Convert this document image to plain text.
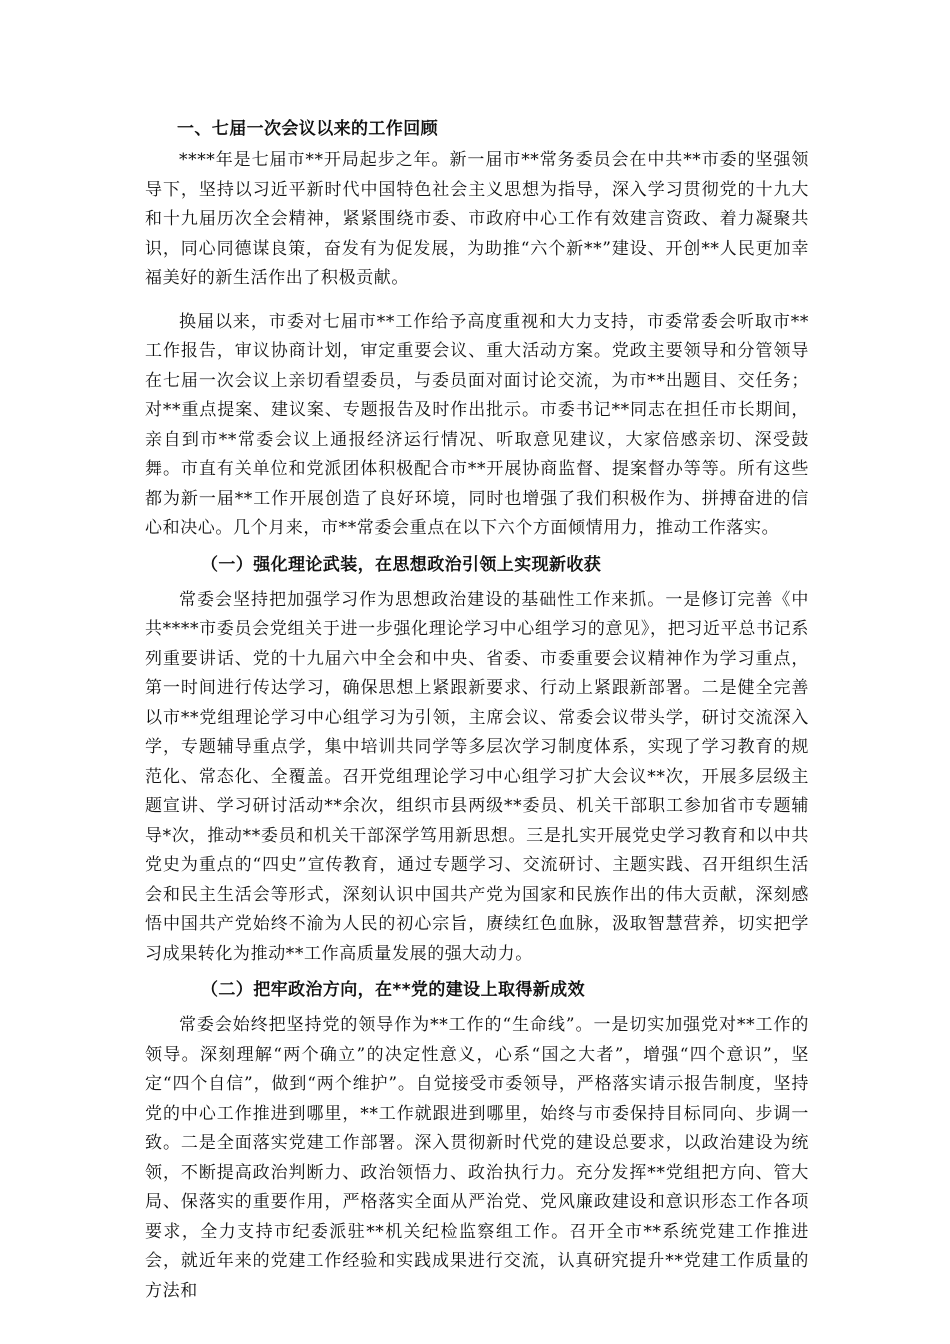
一、七届一次会议以来的工作回顾

****年是七届市**开局起步之年。新一届市**常务委员会在中共**市委的坚强领导下，坚持以习近平新时代中国特色社会主义思想为指导，深入学习贯彻党的十九大和十九届历次全会精神，紧紧围绕市委、市政府中心工作有效建言资政、着力凝聚共识，同心同德谋良策，奋发有为促发展，为助推“六个新**”建设、开创**人民更加幸福美好的新生活作出了积极贡献。

换届以来，市委对七届市**工作给予高度重视和大力支持，市委常委会听取市**工作报告，审议协商计划，审定重要会议、重大活动方案。党政主要领导和分管领导在七届一次会议上亲切看望委员，与委员面对面讨论交流，为市**出题目、交任务；对**重点提案、建议案、专题报告及时作出批示。市委书记**同志在担任市长期间，亲自到市**常委会议上通报经济运行情况、听取意见建议，大家倍感亲切、深受鼓舞。市直有关单位和党派团体积极配合市**开展协商监督、提案督办等等。所有这些都为新一届**工作开展创造了良好环境，同时也增强了我们积极作为、拼搏奋进的信心和决心。几个月来，市**常委会重点在以下六个方面倾情用力，推动工作落实。

（一）强化理论武装，在思想政治引领上实现新收获

常委会坚持把加强学习作为思想政治建设的基础性工作来抓。一是修订完善《中共****市委员会党组关于进一步强化理论学习中心组学习的意见》，把习近平总书记系列重要讲话、党的十九届六中全会和中央、省委、市委重要会议精神作为学习重点，第一时间进行传达学习，确保思想上紧跟新要求、行动上紧跟新部署。二是健全完善以市**党组理论学习中心组学习为引领，主席会议、常委会议带头学，研讨交流深入学，专题辅导重点学，集中培训共同学等多层次学习制度体系，实现了学习教育的规范化、常态化、全覆盖。召开党组理论学习中心组学习扩大会议**次，开展多层级主题宣讲、学习研讨活动**余次，组织市县两级**委员、机关干部职工参加省市专题辅导*次，推动**委员和机关干部深学笃用新思想。三是扎实开展党史学习教育和以中共党史为重点的“四史”宣传教育，通过专题学习、交流研讨、主题实践、召开组织生活会和民主生活会等形式，深刻认识中国共产党为国家和民族作出的伟大贡献，深刻感悟中国共产党始终不渝为人民的初心宗旨，赓续红色血脉，汲取智慧营养，切实把学习成果转化为推动**工作高质量发展的强大动力。

（二）把牢政治方向，在**党的建设上取得新成效

常委会始终把坚持党的领导作为**工作的“生命线”。一是切实加强党对**工作的领导。深刻理解“两个确立”的决定性意义，心系“国之大者”，增强“四个意识”，坚定“四个自信”，做到“两个维护”。自觉接受市委领导，严格落实请示报告制度，坚持党的中心工作推进到哪里，**工作就跟进到哪里，始终与市委保持目标同向、步调一致。二是全面落实党建工作部署。深入贯彻新时代党的建设总要求，以政治建设为统领，不断提高政治判断力、政治领悟力、政治执行力。充分发挥**党组把方向、管大局、保落实的重要作用，严格落实全面从严治党、党风廉政建设和意识形态工作各项要求，全力支持市纪委派驻**机关纪检监察组工作。召开全市**系统党建工作推进会，就近年来的党建工作经验和实践成果进行交流，认真研究提升**党建工作质量的方法和
